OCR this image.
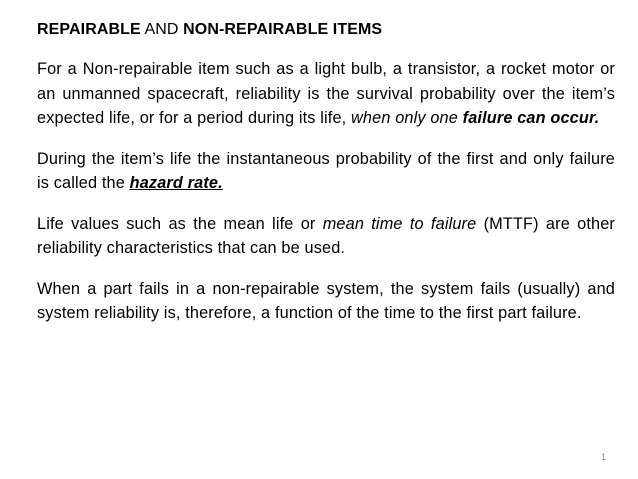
REPAIRABLE AND NON-REPAIRABLE ITEMS
For a Non-repairable item such as a light bulb, a transistor, a rocket motor or an unmanned spacecraft, reliability is the survival probability over the item’s expected life, or for a period during its life, when only one failure can occur.
During the item’s life the instantaneous probability of the first and only failure is called the hazard rate.
Life values such as the mean life or mean time to failure (MTTF) are other reliability characteristics that can be used.
When a part fails in a non-repairable system, the system fails (usually) and system reliability is, therefore, a function of the time to the first part failure.
1
